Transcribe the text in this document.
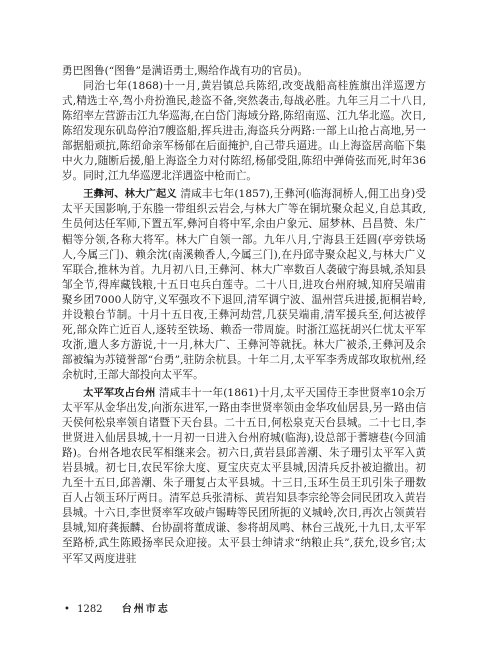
勇巴图鲁(“图鲁”是满语勇士,赐给作战有功的官员)。

同治七年(1868)十一月,黄岩镇总兵陈绍,改变战船高桂旌旗出洋巡逻方式,精选士卒,驾小舟扮渔民,趁盗不备,突然袭击,每战必胜。九年三月二十八日,陈绍率左营游击江九华巡海,在白岱门海域分路,陈绍南巡、江九华北巡。次日,陈绍发现东矶岛停泊7艘盗船,挥兵进击,海盗兵分两路:一部上山抢占高地,另一部据船顽抗,陈绍命亲军杨郁在后面掩护,自己带兵逼进。山上海盗居高临下集中火力,随断后援,船上海盗全力对付陈绍,杨郁受阻,陈绍中弹倚弦而死,时年36岁。同时,江九华巡逻北洋遇盗中枪而亡。

王彝河、林大广起义 清咸丰七年(1857),王彝河(临海洞桥人,佣工出身)受太平天国影响,于东塍一带组织云岩会,与林大广等在铜坑聚众起义,自总其政,生员何达任军师,下置五军,彝河自将中军,余由户象元、屈梦林、吕昌赞、朱广楣等分领,各称大将军。林大广自领一部。九年八月,宁海县王廷圆(亭旁铁场人,今属三门)、赖余沈(南溪赖香人,今属三门),在丹邱寺聚众起义,与林大广义军联合,推林为首。九月初八日,王彝河、林大广率数百人袭破宁海县城,杀知县邹全节,得库藏钱粮,十五日屯兵白莲寺。二十八日,进攻台州府城,知府吴端甫聚乡团7000人防守,义军强攻不下退回,清军调宁波、温州营兵进援,扼桐岩岭,并设粮台节制。十月十五日夜,王彝河劫营,几获吴端甫,清军援兵至,何达被俘死,部众阵亡近百人,逐转至铁场、赖岙一带周旋。时浙江巡抚胡兴仁忧太平军攻浙,遣人多方游说,十一月,林大广、王彝河等就抚。林大广被杀,王彝河及余部被编为苏镜誉部“台勇”,驻防余杭县。十年二月,太平军李秀成部攻取杭州,经余杭时,王部大部投向太平军。

太平军攻占台州 清咸丰十一年(1861)十月,太平天国侍王李世贤率10余万太平军从金华出发,向浙东进军,一路由李世贤率领由金华攻仙居县,另一路由信天侯何松泉率领自诸暨下天台县。二十五日,何松泉克天台县城。二十七日,李世贤进入仙居县城,十一月初一日进入台州府城(临海),设总部于蓍塘巷(今回浦路)。台州各地农民军相继来会。初六日,黄岩县邱善潮、朱子珊引太平军入黄岩县城。初七日,农民军徐大度、夏宝庆克太平县城,因清兵反扑被迫撤出。初九至十五日,邱善潮、朱子珊复占太平县城。十三日,玉环生员王玑引朱子珊数百人占领玉环厅两日。清军总兵张清标、黄岩知县李宗纶等会同民团攻入黄岩县城。十六日,李世贤率军攻破卢锡畴等民团所扼的义城岭,次日,再次占领黄岩县城,知府龚振麟、台协副将董成谦、参将胡凤鸣、林台三战死,十九日,太平军至路桥,武生陈殿扬率民众迎接。太平县士绅请求“纳粮止兵”,获允,设乡官;太平军又两度进驻

• 1282 台州市志
